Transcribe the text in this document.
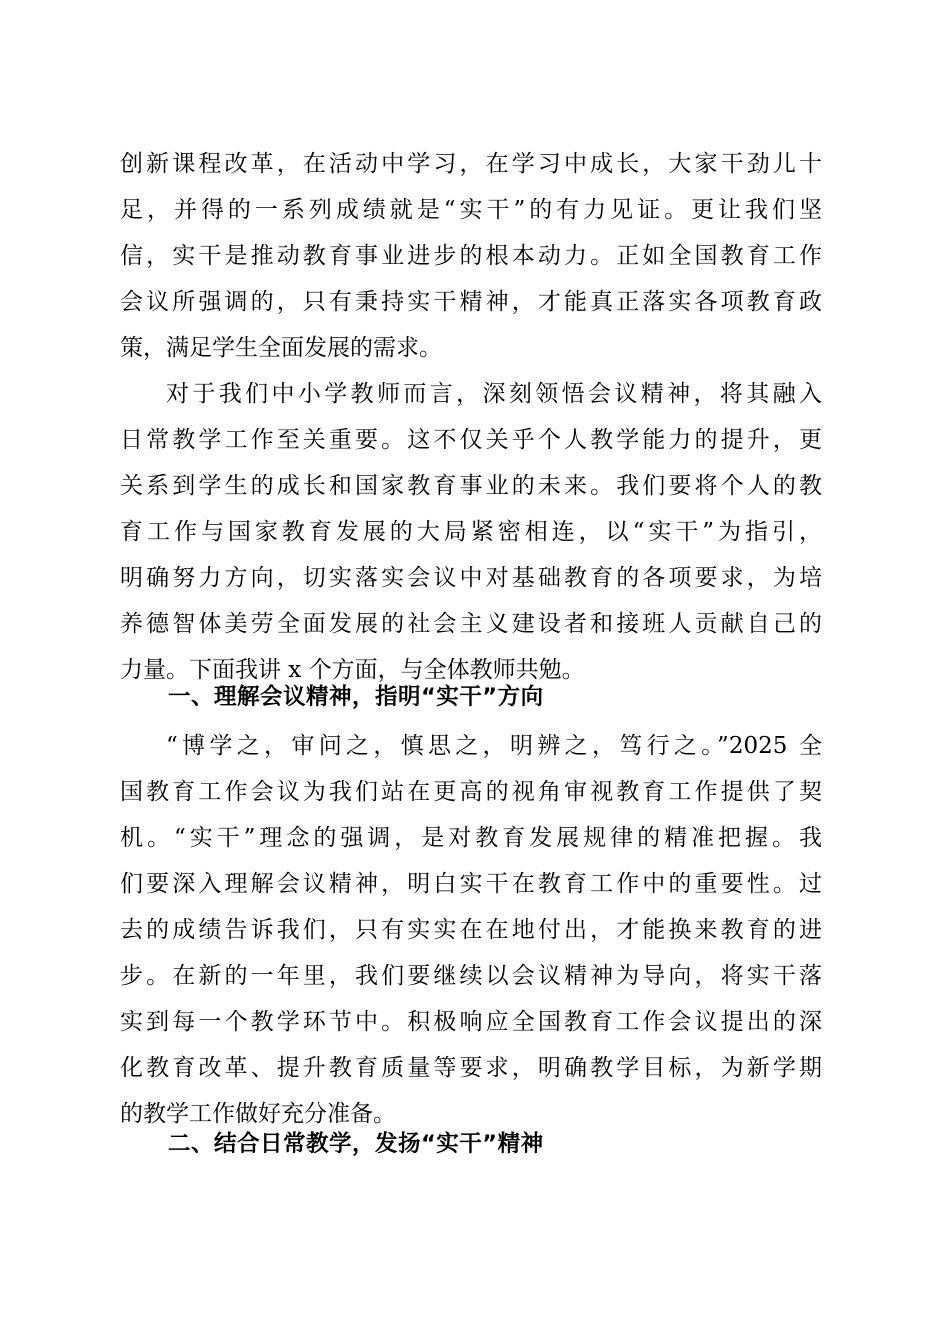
创新课程改革，在活动中学习，在学习中成长，大家干劲儿十
足，并得的一系列成绩就是“实干”的有力见证。更让我们坚
信，实干是推动教育事业进步的根本动力。正如全国教育工作
会议所强调的，只有秉持实干精神，才能真正落实各项教育政
策，满足学生全面发展的需求。
对于我们中小学教师而言，深刻领悟会议精神，将其融入
日常教学工作至关重要。这不仅关乎个人教学能力的提升，更
关系到学生的成长和国家教育事业的未来。我们要将个人的教
育工作与国家教育发展的大局紧密相连，以“实干”为指引，
明确努力方向，切实落实会议中对基础教育的各项要求，为培
养德智体美劳全面发展的社会主义建设者和接班人贡献自己的
力量。下面我讲 x 个方面，与全体教师共勉。
一、理解会议精神，指明“实干”方向
“博学之，审问之，慎思之，明辨之，笃行之。”2025 全
国教育工作会议为我们站在更高的视角审视教育工作提供了契
机。“实干”理念的强调，是对教育发展规律的精准把握。我
们要深入理解会议精神，明白实干在教育工作中的重要性。过
去的成绩告诉我们，只有实实在在地付出，才能换来教育的进
步。在新的一年里，我们要继续以会议精神为导向，将实干落
实到每一个教学环节中。积极响应全国教育工作会议提出的深
化教育改革、提升教育质量等要求，明确教学目标，为新学期
的教学工作做好充分准备。
二、结合日常教学，发扬“实干”精神
